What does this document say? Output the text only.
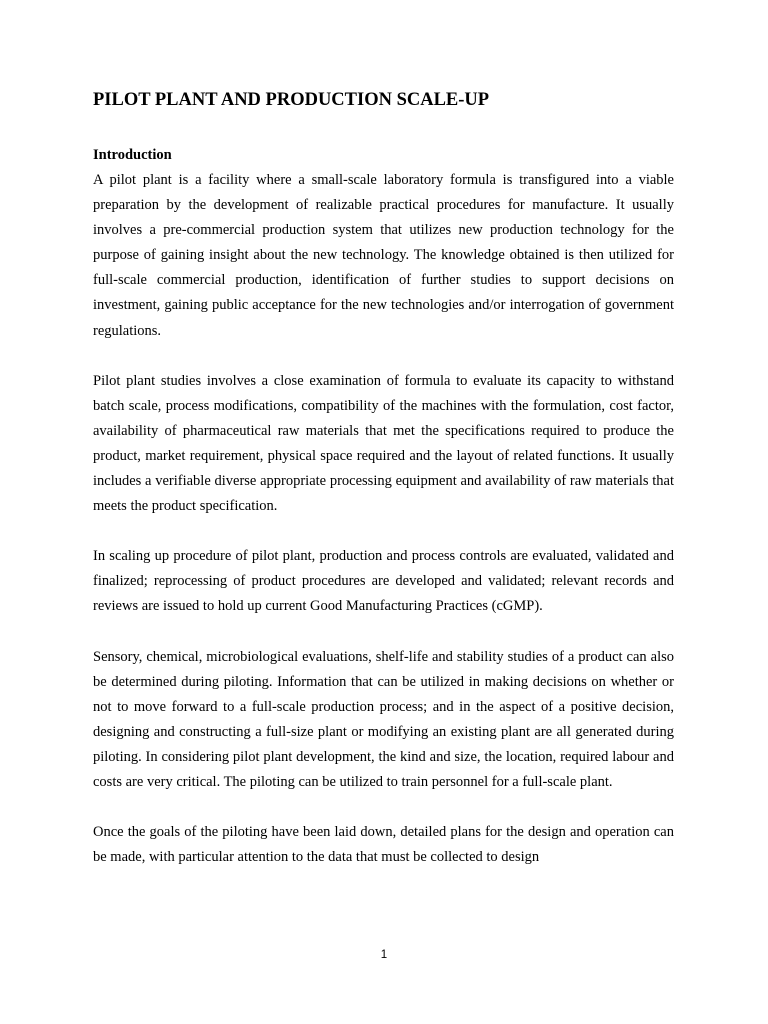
PILOT PLANT AND PRODUCTION SCALE-UP
Introduction

A pilot plant is a facility where a small-scale laboratory formula is transfigured into a viable preparation by the development of realizable practical procedures for manufacture. It usually involves a pre-commercial production system that utilizes new production technology for the purpose of gaining insight about the new technology. The knowledge obtained is then utilized for full-scale commercial production, identification of further studies to support decisions on investment, gaining public acceptance for the new technologies and/or interrogation of government regulations.

Pilot plant studies involves a close examination of formula to evaluate its capacity to withstand batch scale, process modifications, compatibility of the machines with the formulation, cost factor, availability of pharmaceutical raw materials that met the specifications required to produce the product, market requirement, physical space required and the layout of related functions. It usually includes a verifiable diverse appropriate processing equipment and availability of raw materials that meets the product specification.

In scaling up procedure of pilot plant, production and process controls are evaluated, validated and finalized; reprocessing of product procedures are developed and validated; relevant records and reviews are issued to hold up current Good Manufacturing Practices (cGMP).

Sensory, chemical, microbiological evaluations, shelf-life and stability studies of a product can also be determined during piloting. Information that can be utilized in making decisions on whether or not to move forward to a full-scale production process; and in the aspect of a positive decision, designing and constructing a full-size plant or modifying an existing plant are all generated during piloting. In considering pilot plant development, the kind and size, the location, required labour and costs are very critical. The piloting can be utilized to train personnel for a full-scale plant.

Once the goals of the piloting have been laid down, detailed plans for the design and operation can be made, with particular attention to the data that must be collected to design

1
